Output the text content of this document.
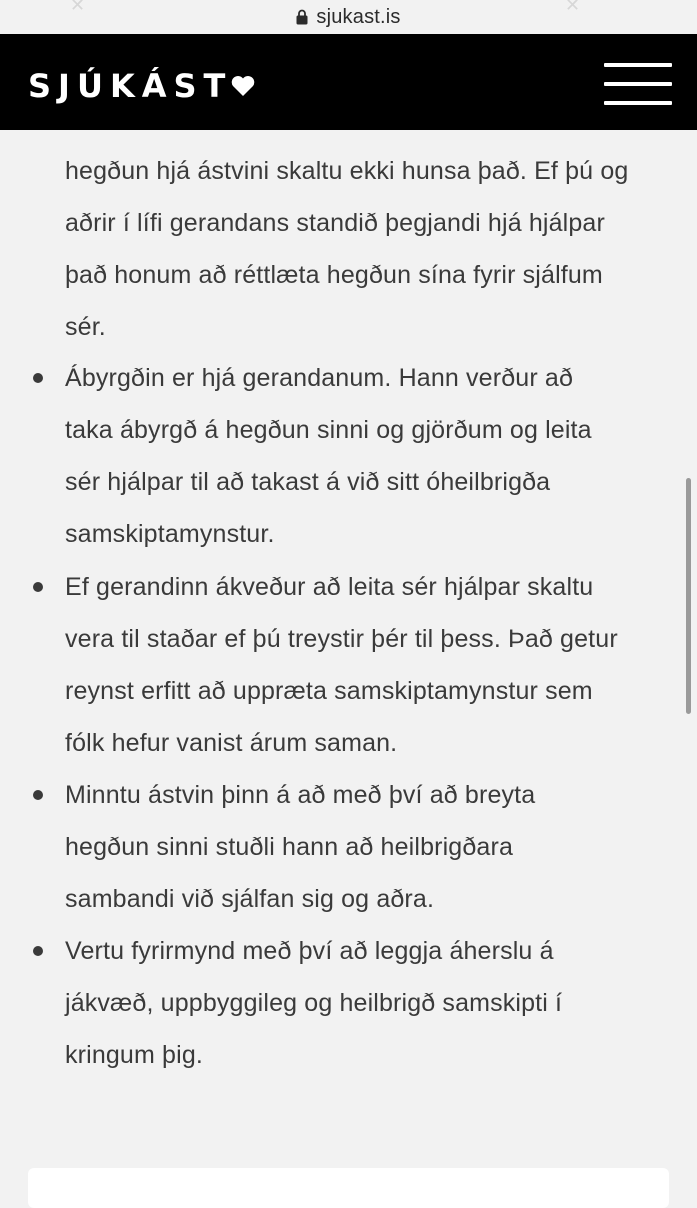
✕	✕
sjukast.is
SJÚKÁST
hegðun hjá ástvini skaltu ekki hunsa það. Ef þú og
aðrir í lífi gerandans standið þegjandi hjá hjálpar
það honum að réttlæta hegðun sína fyrir sjálfum
sér.
Ábyrgðin er hjá gerandanum. Hann verður að
taka ábyrgð á hegðun sinni og gjörðum og leita
sér hjálpar til að takast á við sitt óheilbrigða
samskiptamynstur.
Ef gerandinn ákveður að leita sér hjálpar skaltu
vera til staðar ef þú treystir þér til þess. Það getur
reynst erfitt að uppræta samskiptamynstur sem
fólk hefur vanist árum saman.
Minntu ástvin þinn á að með því að breyta
hegðun sinni stuðli hann að heilbrigðara
sambandi við sjálfan sig og aðra.
Vertu fyrirmynd með því að leggja áherslu á
jákvæð, uppbyggileg og heilbrigð samskipti í
kringum þig.
